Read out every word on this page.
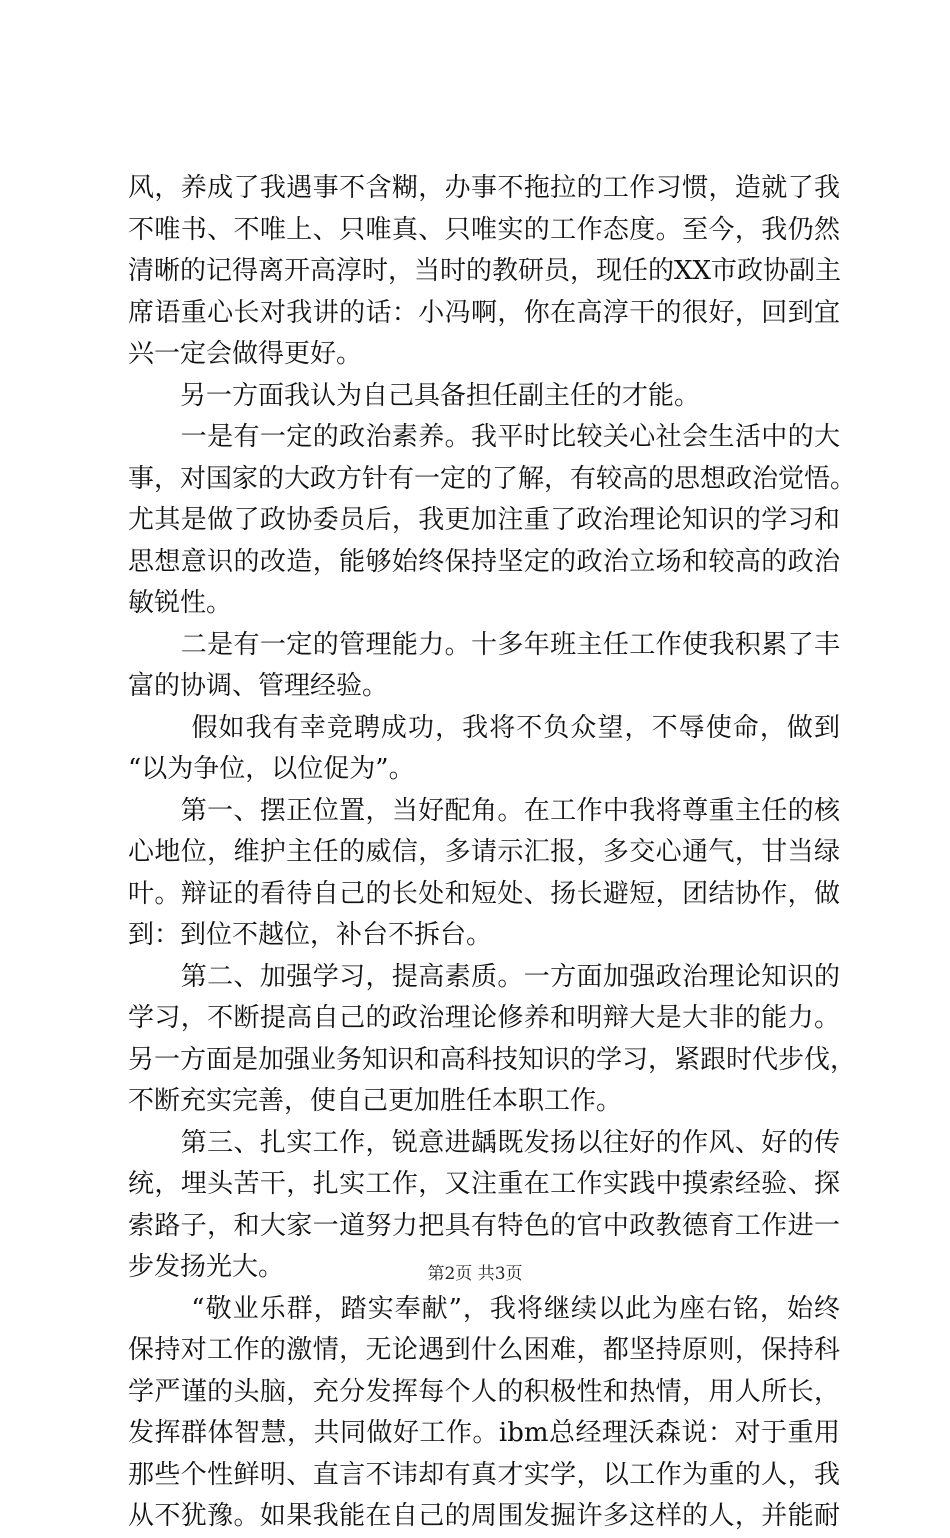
风，养成了我遇事不含糊，办事不拖拉的工作习惯，造就了我
不唯书、不唯上、只唯真、只唯实的工作态度。至今，我仍然
清晰的记得离开高淳时，当时的教研员，现任的XX市政协副主
席语重心长对我讲的话：小冯啊，你在高淳干的很好，回到宜
兴一定会做得更好。
　　另一方面我认为自己具备担任副主任的才能。
　　一是有一定的政治素养。我平时比较关心社会生活中的大
事，对国家的大政方针有一定的了解，有较高的思想政治觉悟。
尤其是做了政协委员后，我更加注重了政治理论知识的学习和
思想意识的改造，能够始终保持坚定的政治立场和较高的政治
敏锐性。
　　二是有一定的管理能力。十多年班主任工作使我积累了丰
富的协调、管理经验。
　　 假如我有幸竞聘成功，我将不负众望，不辱使命，做到
“以为争位，以位促为”。
　　第一、摆正位置，当好配角。在工作中我将尊重主任的核
心地位，维护主任的威信，多请示汇报，多交心通气，甘当绿
叶。辩证的看待自己的长处和短处、扬长避短，团结协作，做
到：到位不越位，补台不拆台。
　　第二、加强学习，提高素质。一方面加强政治理论知识的
学习，不断提高自己的政治理论修养和明辩大是大非的能力。
另一方面是加强业务知识和高科技知识的学习，紧跟时代步伐，
不断充实完善，使自己更加胜任本职工作。
　　第三、扎实工作，锐意进龋既发扬以往好的作风、好的传
统，埋头苦干，扎实工作，又注重在工作实践中摸索经验、探
索路子，和大家一道努力把具有特色的官中政教德育工作进一
步发扬光大。
　　 “敬业乐群，踏实奉献”，我将继续以此为座右铭，始终
保持对工作的激情，无论遇到什么困难，都坚持原则，保持科
学严谨的头脑，充分发挥每个人的积极性和热情，用人所长，
发挥群体智慧，共同做好工作。ibm总经理沃森说：对于重用
那些个性鲜明、直言不讳却有真才实学，以工作为重的人，我
从不犹豫。如果我能在自己的周围发掘许多这样的人，并能耐
第2页 共3页
